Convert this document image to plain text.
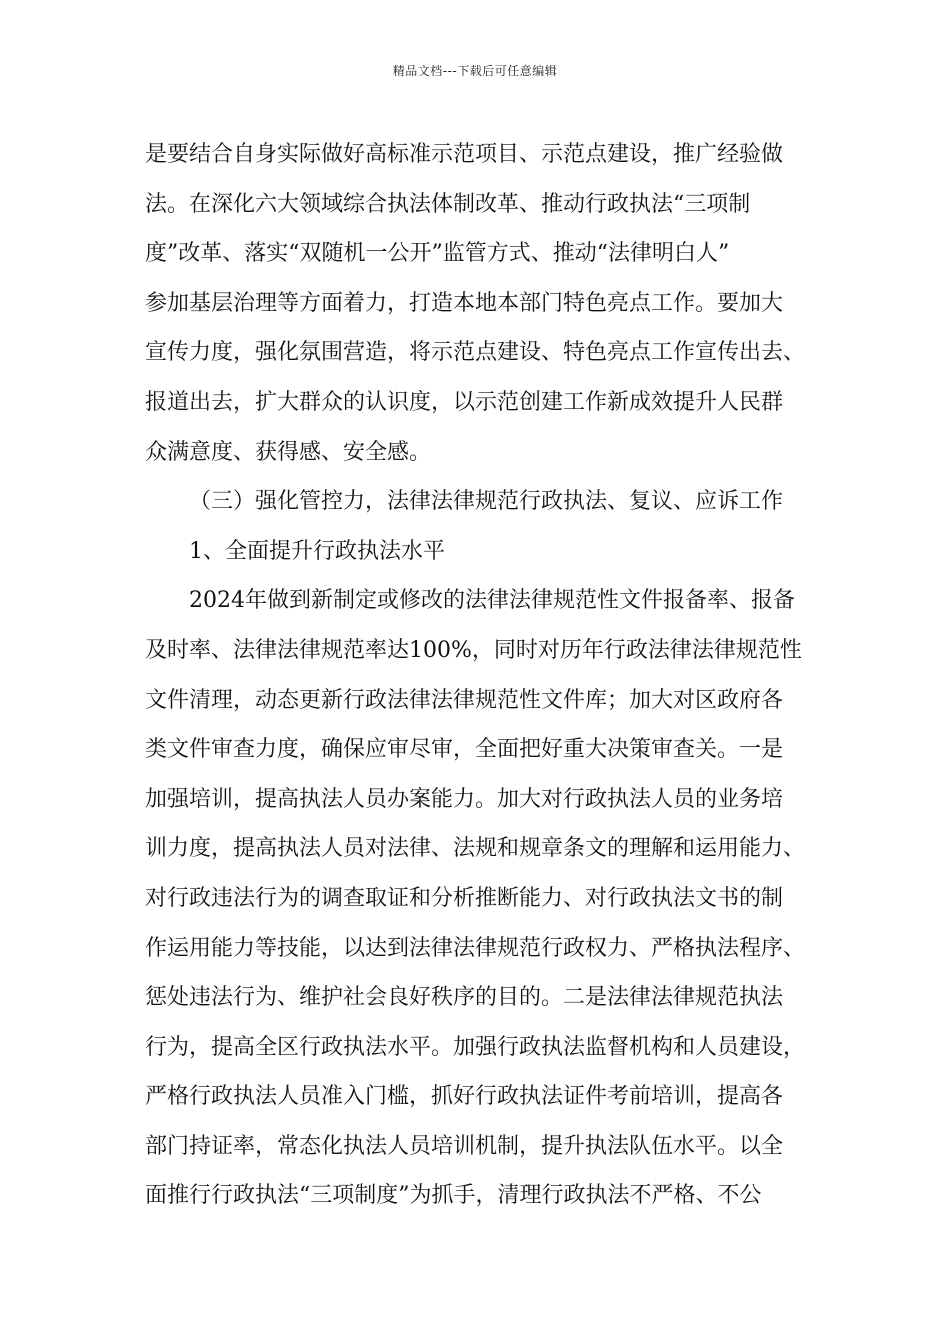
精品文档---下载后可任意编辑
是要结合自身实际做好高标准示范项目、示范点建设，推广经验做
法。在深化六大领域综合执法体制改革、推动行政执法“三项制
度”改革、落实“双随机一公开”监管方式、推动“法律明白人”
参加基层治理等方面着力，打造本地本部门特色亮点工作。要加大
宣传力度，强化氛围营造，将示范点建设、特色亮点工作宣传出去、
报道出去，扩大群众的认识度，以示范创建工作新成效提升人民群
众满意度、获得感、安全感。
（三）强化管控力，法律法律规范行政执法、复议、应诉工作
1、全面提升行政执法水平
2024年做到新制定或修改的法律法律规范性文件报备率、报备
及时率、法律法律规范率达100%，同时对历年行政法律法律规范性
文件清理，动态更新行政法律法律规范性文件库；加大对区政府各
类文件审查力度，确保应审尽审，全面把好重大决策审查关。一是
加强培训，提高执法人员办案能力。加大对行政执法人员的业务培
训力度，提高执法人员对法律、法规和规章条文的理解和运用能力、
对行政违法行为的调查取证和分析推断能力、对行政执法文书的制
作运用能力等技能，以达到法律法律规范行政权力、严格执法程序、
惩处违法行为、维护社会良好秩序的目的。二是法律法律规范执法
行为，提高全区行政执法水平。加强行政执法监督机构和人员建设，
严格行政执法人员准入门槛，抓好行政执法证件考前培训，提高各
部门持证率，常态化执法人员培训机制，提升执法队伍水平。以全
面推行行政执法“三项制度”为抓手，清理行政执法不严格、不公
